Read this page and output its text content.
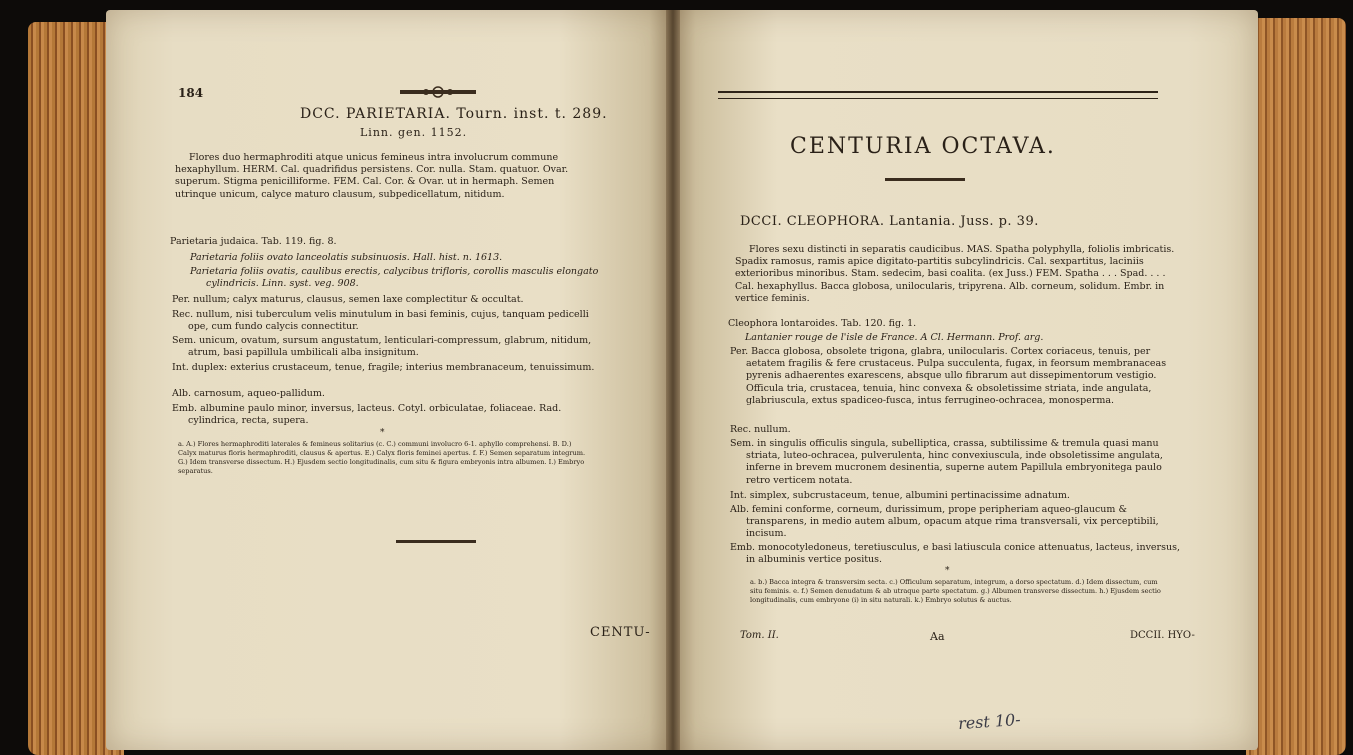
184
DCC. PARIETARIA. Tourn. inst. t. 289.
Linn. gen. 1152.

Flores duo hermaphroditi atque unicus femineus intra involucrum commune hexaphyllum. HERM. Cal. quadrifidus persistens. Cor. nulla. Stam. quatuor. Ovar. superum. Stigma penicilliforme. FEM. Cal. Cor. & Ovar. ut in hermaph. Semen utrinque unicum, calyce maturo clausum, subpedicellatum, nitidum.

Parietaria judaica. Tab. 119. fig. 8.

Parietaria foliis ovato lanceolatis subsinuosis. Hall. hist. n. 1613.

Parietaria foliis ovatis, caulibus erectis, calycibus trifloris, corollis masculis elongato cylindricis. Linn. syst. veg. 908.

Per. nullum; calyx maturus, clausus, semen laxe complectitur & occultat.

Rec. nullum, nisi tuberculum velis minutulum in basi feminis, cujus, tanquam pedicelli ope, cum fundo calycis connectitur.

Sem. unicum, ovatum, sursum angustatum, lenticulari-compressum, glabrum, nitidum, atrum, basi papillula umbilicali alba insignitum.

Int. duplex: exterius crustaceum, tenue, fragile; interius membranaceum, tenuissimum.

Alb. carnosum, aqueo-pallidum.

Emb. albumine paulo minor, inversus, lacteus. Cotyl. orbiculatae, foliaceae. Rad. cylindrica, recta, supera.

*

a. A.) Flores hermaphroditi laterales & femineus solitarius (c. C.) communi involucro 6-1. aphyllo comprehensi. B. D.) Calyx maturus floris hermaphroditi, clausus & apertus. E.) Calyx floris feminei apertus. f. F.) Semen separatum integrum. G.) Idem transverse dissectum. H.) Ejusdem sectio longitudinalis, cum situ & figura embryonis intra albumen. I.) Embryo separatus.

CENTU-
CENTURIA OCTAVA.
DCCI. CLEOPHORA. Lantania. Juss. p. 39.

Flores sexu distincti in separatis caudicibus. MAS. Spatha polyphylla, foliolis imbricatis. Spadix ramosus, ramis apice digitato-partitis subcylindricis. Cal. sexpartitus, laciniis exterioribus minoribus. Stam. sedecim, basi coalita. (ex Juss.) FEM. Spatha . . . Spad. . . . Cal. hexaphyllus. Bacca globosa, unilocularis, tripyrena. Alb. corneum, solidum. Embr. in vertice feminis.

Cleophora lontaroides. Tab. 120. fig. 1.

Lantanier rouge de l'isle de France. A Cl. Hermann. Prof. arg.

Per. Bacca globosa, obsolete trigona, glabra, unilocularis. Cortex coriaceus, tenuis, per aetatem fragilis & fere crustaceus. Pulpa succulenta, fugax, in feorsum membranaceas pyrenis adhaerentes exarescens, absque ullo fibrarum aut dissepimentorum vestigio. Officula tria, crustacea, tenuia, hinc convexa & obsoletissime striata, inde angulata, glabriuscula, extus spadiceo-fusca, intus ferrugineo-ochracea, monosperma.

Rec. nullum.

Sem. in singulis officulis singula, subelliptica, crassa, subtilissime & tremula quasi manu striata, luteo-ochracea, pulverulenta, hinc convexiuscula, inde obsoletissime angulata, inferne in brevem mucronem desinentia, superne autem Papillula embryonitega paulo retro verticem notata.

Int. simplex, subcrustaceum, tenue, albumini pertinacissime adnatum.

Alb. femini conforme, corneum, durissimum, prope peripheriam aqueo-glaucum & transparens, in medio autem album, opacum atque rima transversali, vix perceptibili, incisum.

Emb. monocotyledoneus, teretiusculus, e basi latiuscula conice attenuatus, lacteus, inversus, in albuminis vertice positus.

*

a. b.) Bacca integra & transversim secta. c.) Officulum separatum, integrum, a dorso spectatum. d.) Idem dissectum, cum situ feminis. e. f.) Semen denudatum & ab utraque parte spectatum. g.) Albumen transverse dissectum. h.) Ejusdem sectio longitudinalis, cum embryone (i) in situ naturali. k.) Embryo solutus & auctus.

Tom. II.	Aa	DCCII. HYO-
rest 10-
